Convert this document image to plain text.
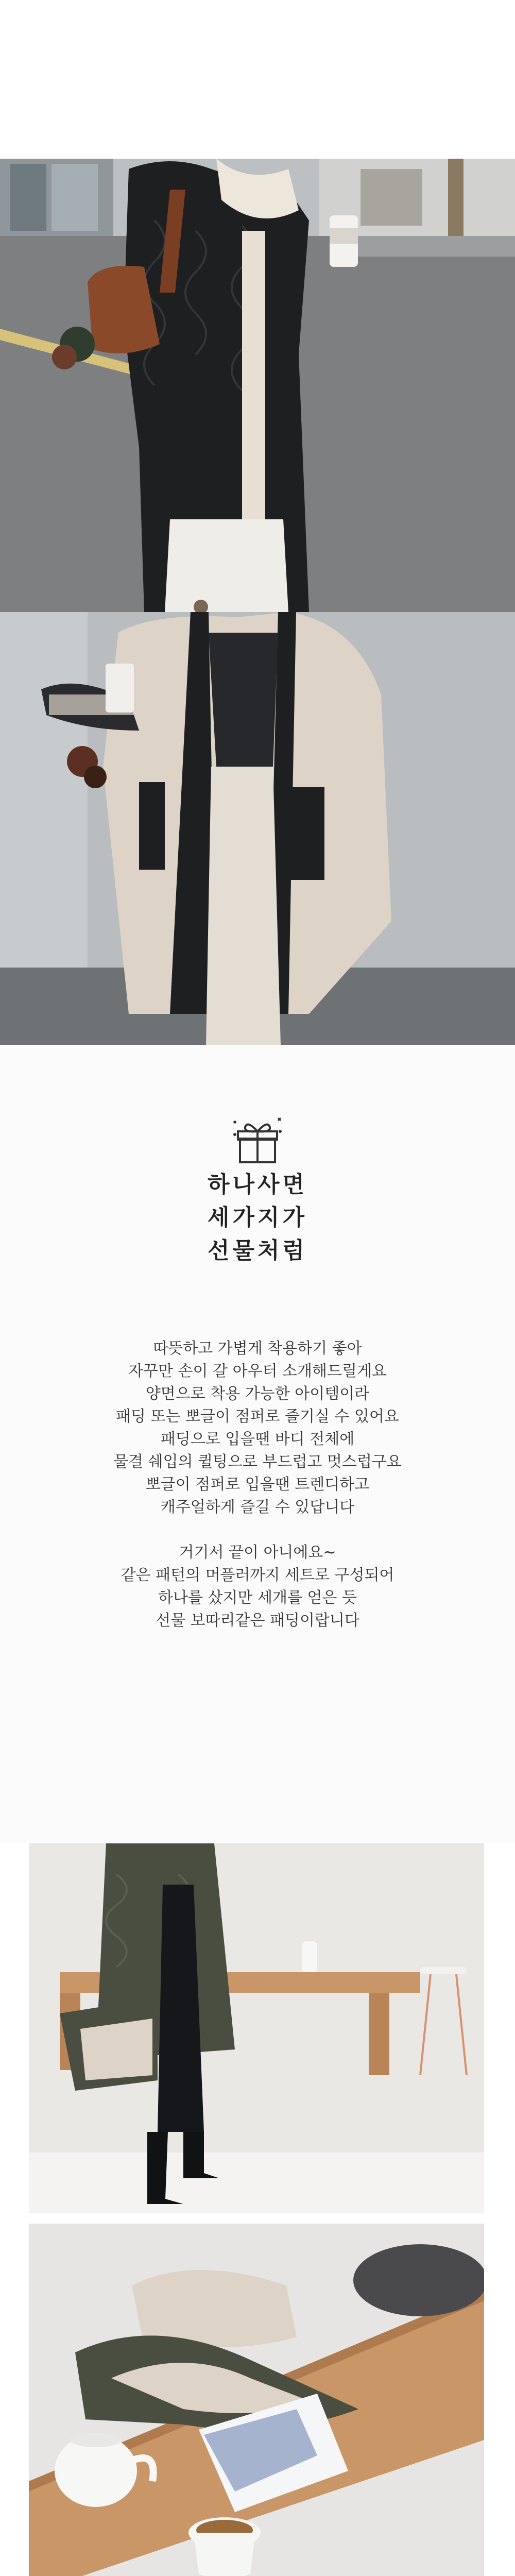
하나사면
세가지가
선물처럼

따뜻하고 가볍게 착용하기 좋아

자꾸만 손이 갈 아우터 소개해드릴게요

양면으로 착용 가능한 아이템이라

패딩 또는 뽀글이 점퍼로 즐기실 수 있어요

패딩으로 입을땐 바디 전체에

물결 쉐입의 퀼팅으로 부드럽고 멋스럽구요

뽀글이 점퍼로 입을땐 트렌디하고

캐주얼하게 즐길 수 있답니다

거기서 끝이 아니에요~

같은 패턴의 머플러까지 세트로 구성되어

하나를 샀지만 세개를 얻은 듯

선물 보따리같은 패딩이랍니다
